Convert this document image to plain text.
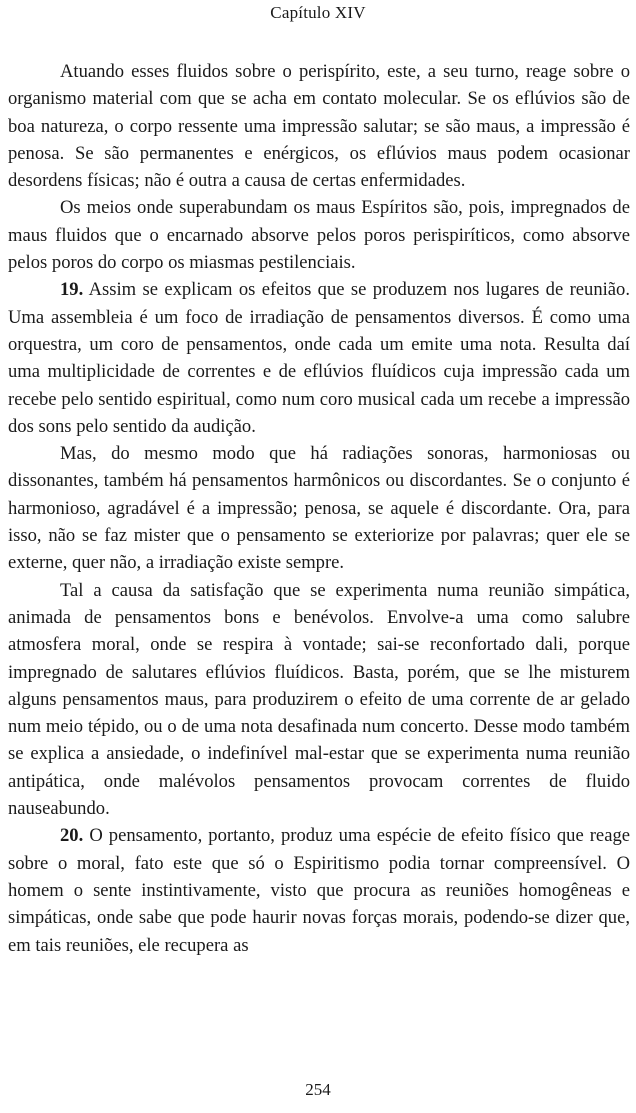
Capítulo XIV

Atuando esses fluidos sobre o perispírito, este, a seu turno, reage sobre o organismo material com que se acha em contato molecular. Se os eflúvios são de boa natureza, o corpo ressente uma impressão salutar; se são maus, a impressão é penosa. Se são permanentes e enérgicos, os eflúvios maus podem ocasionar desordens físicas; não é outra a causa de certas enfermidades.

Os meios onde superabundam os maus Espíritos são, pois, impregnados de maus fluidos que o encarnado absorve pelos poros perispiríticos, como absorve pelos poros do corpo os miasmas pestilenciais.

19. Assim se explicam os efeitos que se produzem nos lugares de reunião. Uma assembleia é um foco de irradiação de pensamentos diversos. É como uma orquestra, um coro de pensamentos, onde cada um emite uma nota. Resulta daí uma multiplicidade de correntes e de eflúvios fluídicos cuja impressão cada um recebe pelo sentido espiritual, como num coro musical cada um recebe a impressão dos sons pelo sentido da audição.

Mas, do mesmo modo que há radiações sonoras, harmoniosas ou dissonantes, também há pensamentos harmônicos ou discordantes. Se o conjunto é harmonioso, agradável é a impressão; penosa, se aquele é discordante. Ora, para isso, não se faz mister que o pensamento se exteriorize por palavras; quer ele se externe, quer não, a irradiação existe sempre.

Tal a causa da satisfação que se experimenta numa reunião simpática, animada de pensamentos bons e benévolos. Envolve-a uma como salubre atmosfera moral, onde se respira à vontade; sai-se reconfortado dali, porque impregnado de salutares eflúvios fluídicos. Basta, porém, que se lhe misturem alguns pensamentos maus, para produzirem o efeito de uma corrente de ar gelado num meio tépido, ou o de uma nota desafinada num concerto. Desse modo também se explica a ansiedade, o indefinível mal-estar que se experimenta numa reunião antipática, onde malévolos pensamentos provocam correntes de fluido nauseabundo.

20. O pensamento, portanto, produz uma espécie de efeito físico que reage sobre o moral, fato este que só o Espiritismo podia tornar compreensível. O homem o sente instintivamente, visto que procura as reuniões homogêneas e simpáticas, onde sabe que pode haurir novas forças morais, podendo-se dizer que, em tais reuniões, ele recupera as

254
